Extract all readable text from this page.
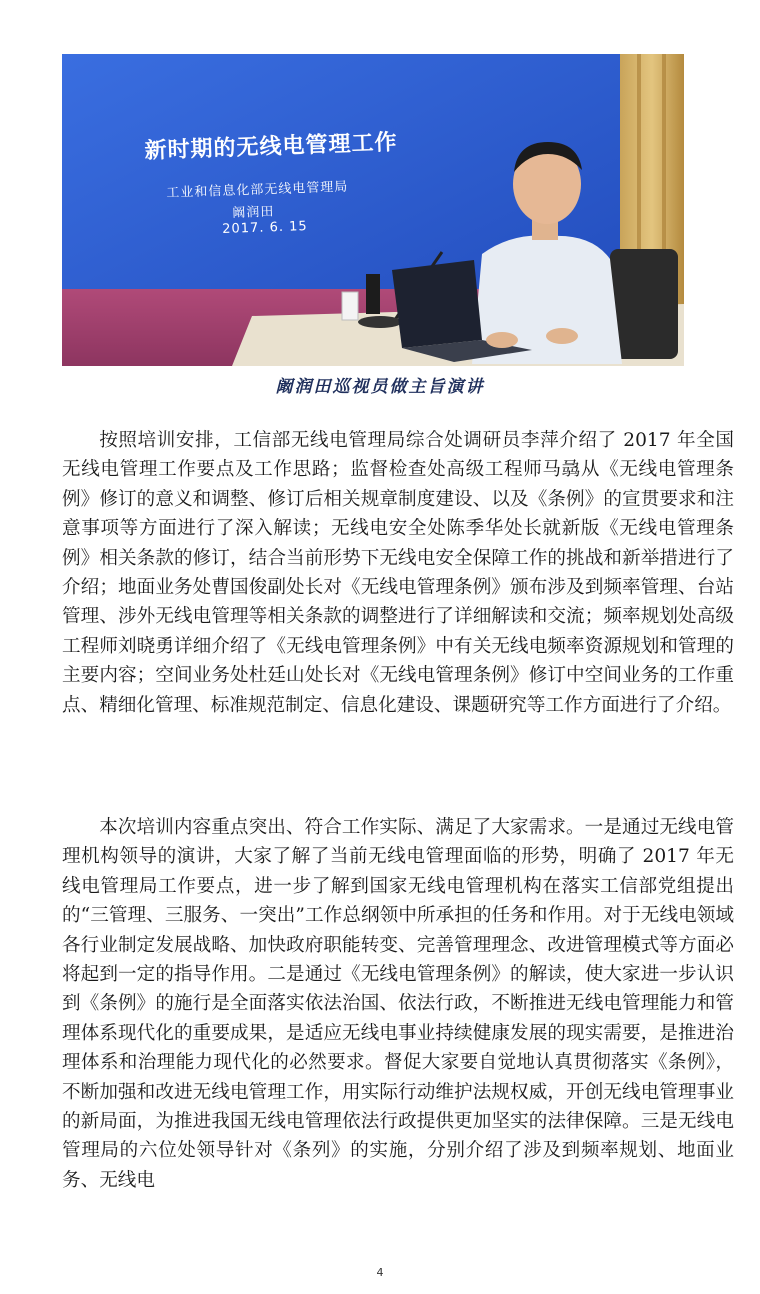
新时期的无线电管理工作
工业和信息化部无线电管理局
阚润田
2017. 6. 15
阚润田巡视员做主旨演讲

按照培训安排，工信部无线电管理局综合处调研员李萍介绍了 2017 年全国无线电管理工作要点及工作思路；监督检查处高级工程师马骉从《无线电管理条例》修订的意义和调整、修订后相关规章制度建设、以及《条例》的宣贯要求和注意事项等方面进行了深入解读；无线电安全处陈季华处长就新版《无线电管理条例》相关条款的修订，结合当前形势下无线电安全保障工作的挑战和新举措进行了介绍；地面业务处曹国俊副处长对《无线电管理条例》颁布涉及到频率管理、台站管理、涉外无线电管理等相关条款的调整进行了详细解读和交流；频率规划处高级工程师刘晓勇详细介绍了《无线电管理条例》中有关无线电频率资源规划和管理的主要内容；空间业务处杜廷山处长对《无线电管理条例》修订中空间业务的工作重点、精细化管理、标准规范制定、信息化建设、课题研究等工作方面进行了介绍。

本次培训内容重点突出、符合工作实际、满足了大家需求。一是通过无线电管理机构领导的演讲，大家了解了当前无线电管理面临的形势，明确了 2017 年无线电管理局工作要点，进一步了解到国家无线电管理机构在落实工信部党组提出的“三管理、三服务、一突出”工作总纲领中所承担的任务和作用。对于无线电领域各行业制定发展战略、加快政府职能转变、完善管理理念、改进管理模式等方面必将起到一定的指导作用。二是通过《无线电管理条例》的解读，使大家进一步认识到《条例》的施行是全面落实依法治国、依法行政，不断推进无线电管理能力和管理体系现代化的重要成果，是适应无线电事业持续健康发展的现实需要，是推进治理体系和治理能力现代化的必然要求。督促大家要自觉地认真贯彻落实《条例》，不断加强和改进无线电管理工作，用实际行动维护法规权威，开创无线电管理事业的新局面，为推进我国无线电管理依法行政提供更加坚实的法律保障。三是无线电管理局的六位处领导针对《条列》的实施，分别介绍了涉及到频率规划、地面业务、无线电

4
